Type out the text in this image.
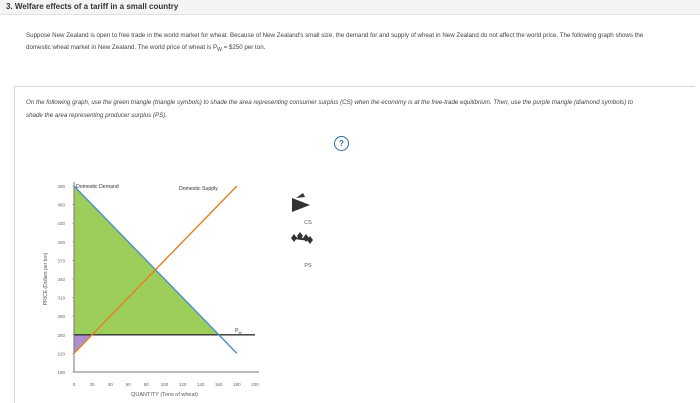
3. Welfare effects of a tariff in a small country
Suppose New Zealand is open to free trade in the world market for wheat. Because of New Zealand's small size, the demand for and supply of wheat in New Zealand do not affect the world price. The following graph shows the domestic wheat market in New Zealand. The world price of wheat is $P_W$ = $250 per ton.
On the following graph, use the green triangle (triangle symbols) to shade the area representing consumer surplus (CS) when the economy is at the free-trade equilibrium. Then, use the purple triangle (diamond symbols) to shade the area representing producer surplus (PS).
?
490
460
430
400
370
340
310
280
250
220
190
0	20	40	60	80	100 120 140 160 180 200
QUANTITY (Tons of wheat)
PRICE (Dollars per ton)
$P_W$
Domestic Demand	Domestic Supply
CS
PS
